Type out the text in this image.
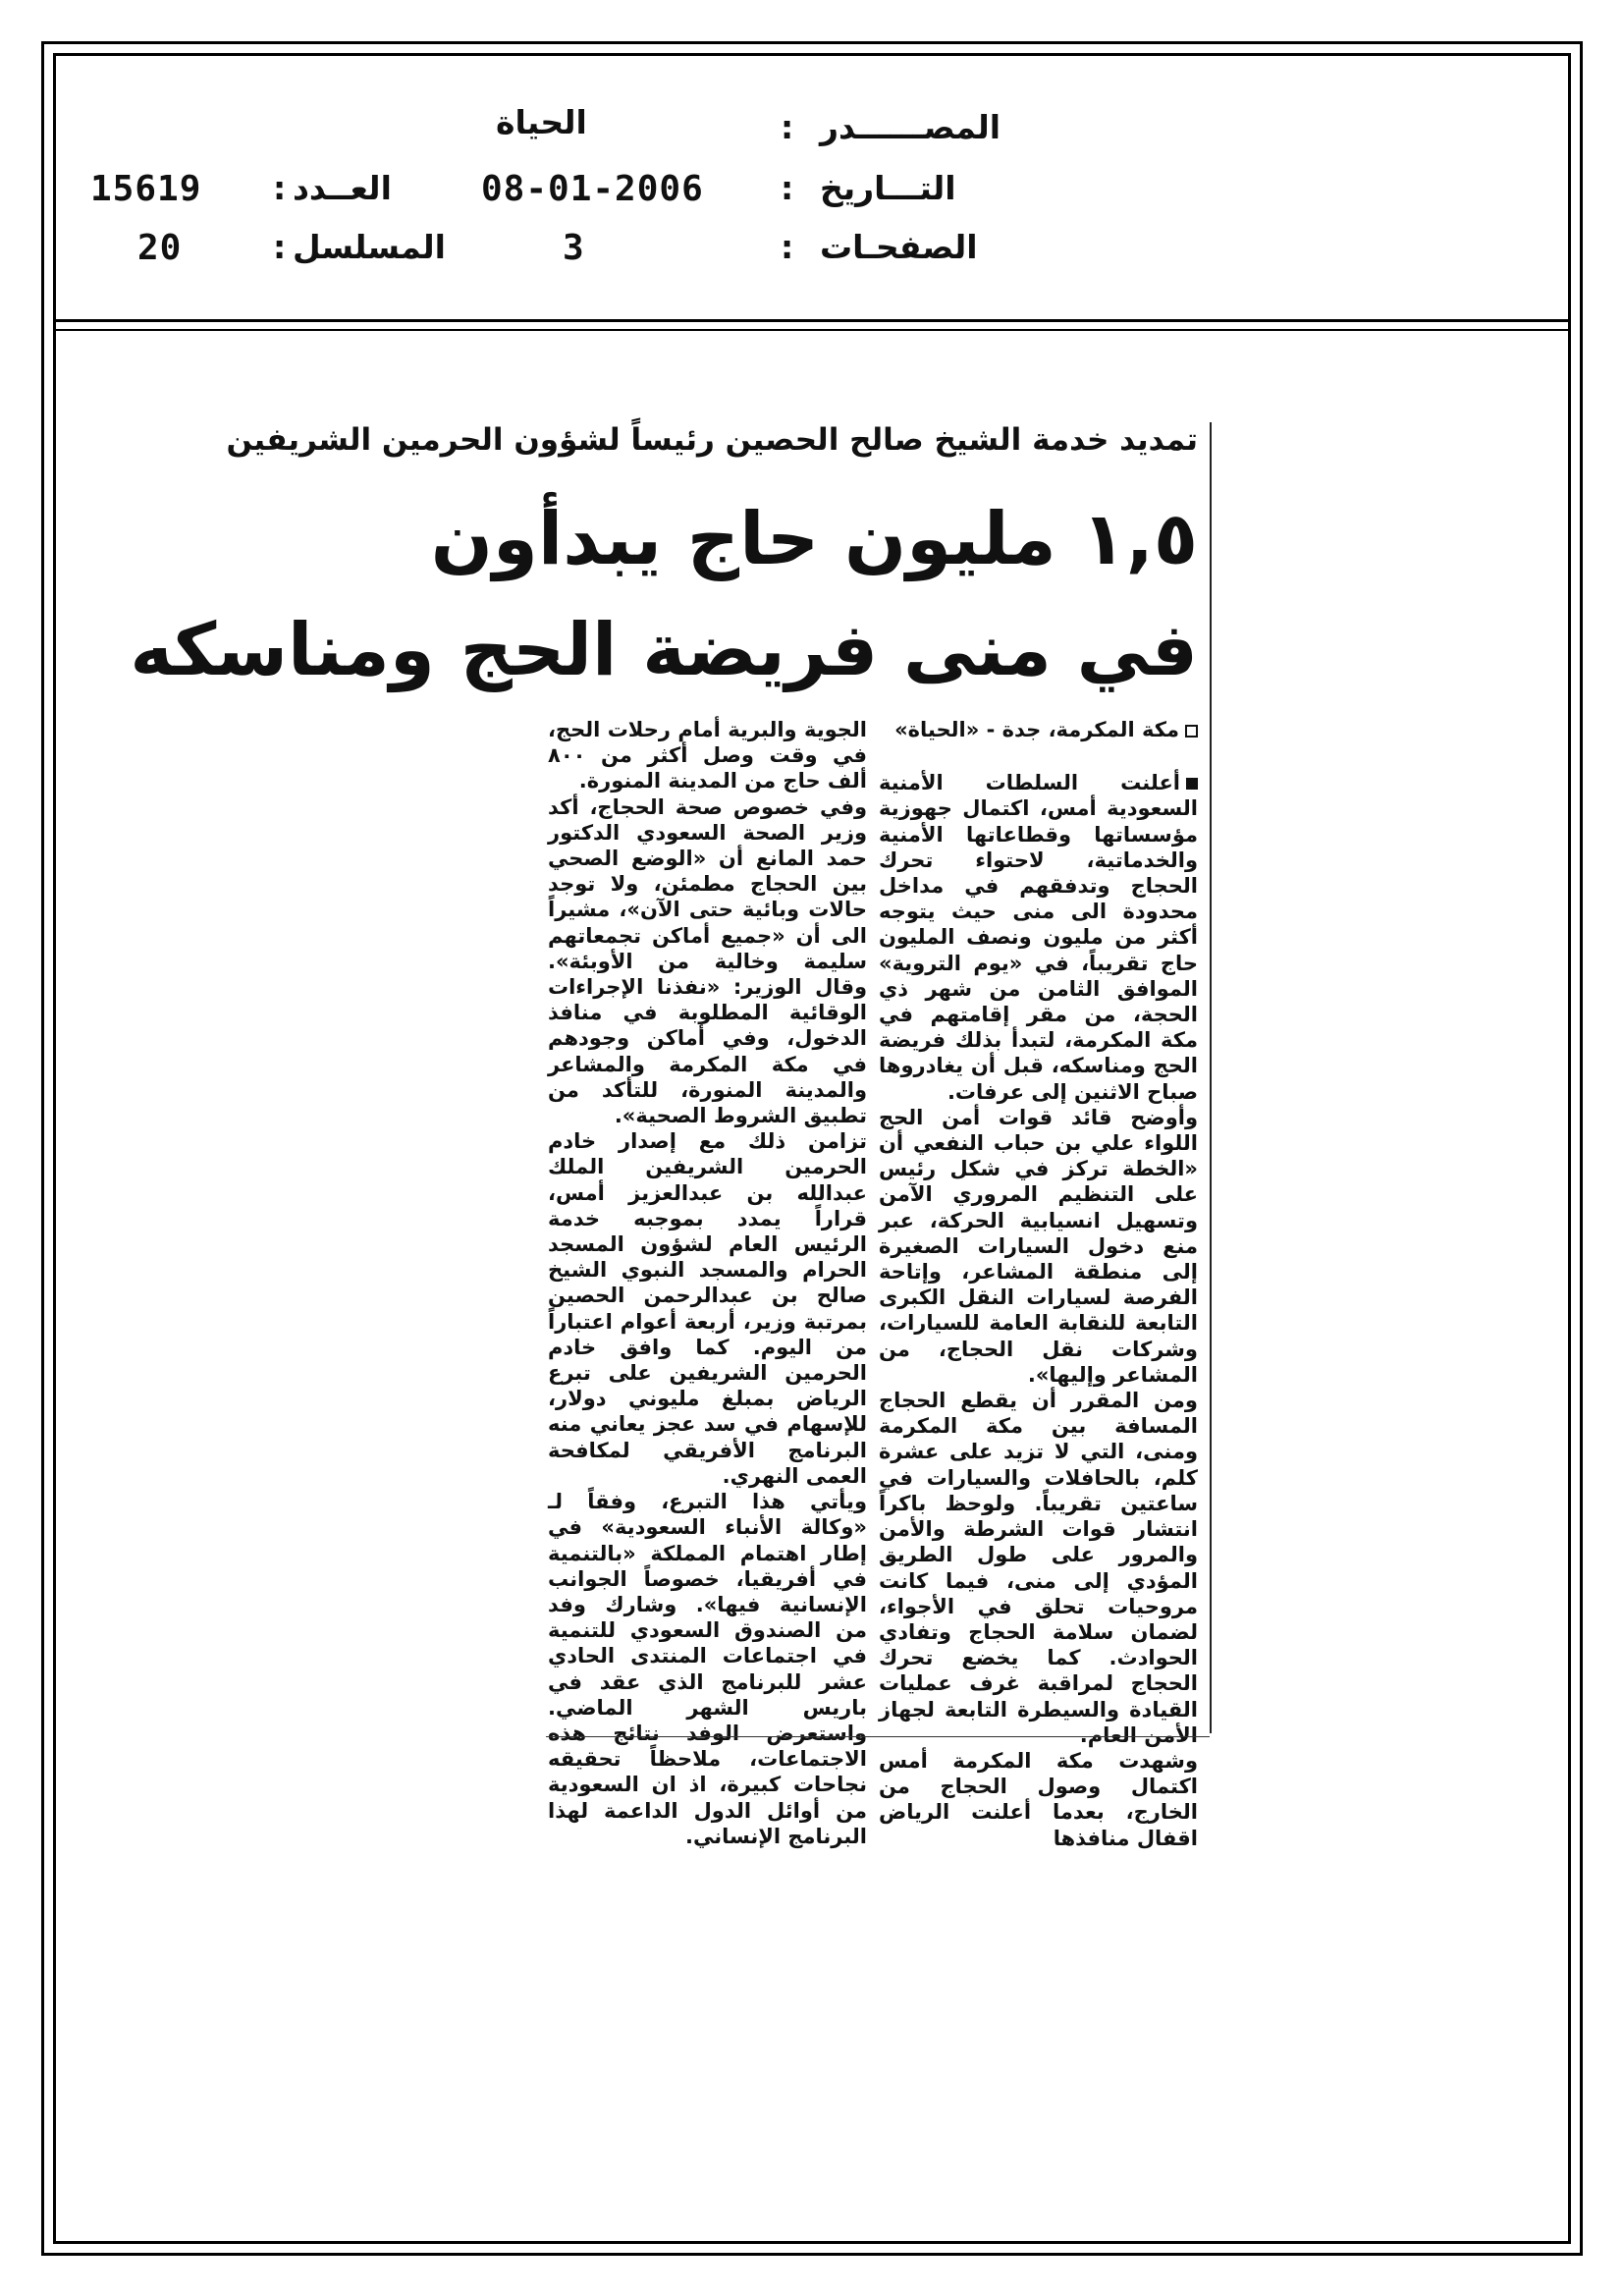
المصــــــدر
:
الحياة
التـــاريخ
:
08-01-2006
الصفحـات
:
3
العــدد
:
15619
المسلسل
:
20
تمديد خدمة الشيخ صالح الحصين رئيساً لشؤون الحرمين الشريفين
١,٥ مليون حاج يبدأون
في منى فريضة الحج ومناسكه
مكة المكرمة، جدة - «الحياة»

أعلنت السلطات الأمنية السعودية أمس، اكتمال جهوزية مؤسساتها وقطاعاتها الأمنية والخدماتية، لاحتواء تحرك الحجاج وتدفقهم في مداخل محدودة الى منى حيث يتوجه أكثر من مليون ونصف المليون حاج تقريباً، في «يوم التروية» الموافق الثامن من شهر ذي الحجة، من مقر إقامتهم في مكة المكرمة، لتبدأ بذلك فريضة الحج ومناسكه، قبل أن يغادروها صباح الاثنين إلى عرفات.

وأوضح قائد قوات أمن الحج اللواء علي بن حباب النفعي أن «الخطة تركز في شكل رئيس على التنظيم المروري الآمن وتسهيل انسيابية الحركة، عبر منع دخول السيارات الصغيرة إلى منطقة المشاعر، وإتاحة الفرصة لسيارات النقل الكبرى التابعة للنقابة العامة للسيارات، وشركات نقل الحجاج، من المشاعر وإليها».

ومن المقرر أن يقطع الحجاج المسافة بين مكة المكرمة ومنى، التي لا تزيد على عشرة كلم، بالحافلات والسيارات في ساعتين تقريباً. ولوحظ باكراً انتشار قوات الشرطة والأمن والمرور على طول الطريق المؤدي إلى منى، فيما كانت مروحيات تحلق في الأجواء، لضمان سلامة الحجاج وتفادي الحوادث. كما يخضع تحرك الحجاج لمراقبة غرف عمليات القيادة والسيطرة التابعة لجهاز الأمن العام.

وشهدت مكة المكرمة أمس اكتمال وصول الحجاج من الخارج، بعدما أعلنت الرياض اقفال منافذها

الجوية والبرية أمام رحلات الحج، في وقت وصل أكثر من ٨٠٠ ألف حاج من المدينة المنورة.

وفي خصوص صحة الحجاج، أكد وزير الصحة السعودي الدكتور حمد المانع أن «الوضع الصحي بين الحجاج مطمئن، ولا توجد حالات وبائية حتى الآن»، مشيراً الى أن «جميع أماكن تجمعاتهم سليمة وخالية من الأوبئة». وقال الوزير: «نفذنا الإجراءات الوقائية المطلوبة في منافذ الدخول، وفي أماكن وجودهم في مكة المكرمة والمشاعر والمدينة المنورة، للتأكد من تطبيق الشروط الصحية».

تزامن ذلك مع إصدار خادم الحرمين الشريفين الملك عبدالله بن عبدالعزيز أمس، قراراً يمدد بموجبه خدمة الرئيس العام لشؤون المسجد الحرام والمسجد النبوي الشيخ صالح بن عبدالرحمن الحصين بمرتبة وزير، أربعة أعوام اعتباراً من اليوم. كما وافق خادم الحرمين الشريفين على تبرع الرياض بمبلغ مليوني دولار، للإسهام في سد عجز يعاني منه البرنامج الأفريقي لمكافحة العمى النهري.

ويأتي هذا التبرع، وفقاً لـ «وكالة الأنباء السعودية» في إطار اهتمام المملكة «بالتنمية في أفريقيا، خصوصاً الجوانب الإنسانية فيها». وشارك وفد من الصندوق السعودي للتنمية في اجتماعات المنتدى الحادي عشر للبرنامج الذي عقد في باريس الشهر الماضي. واستعرض الوفد نتائج هذه الاجتماعات، ملاحظاً تحقيقه نجاحات كبيرة، اذ ان السعودية من أوائل الدول الداعمة لهذا البرنامج الإنساني.
